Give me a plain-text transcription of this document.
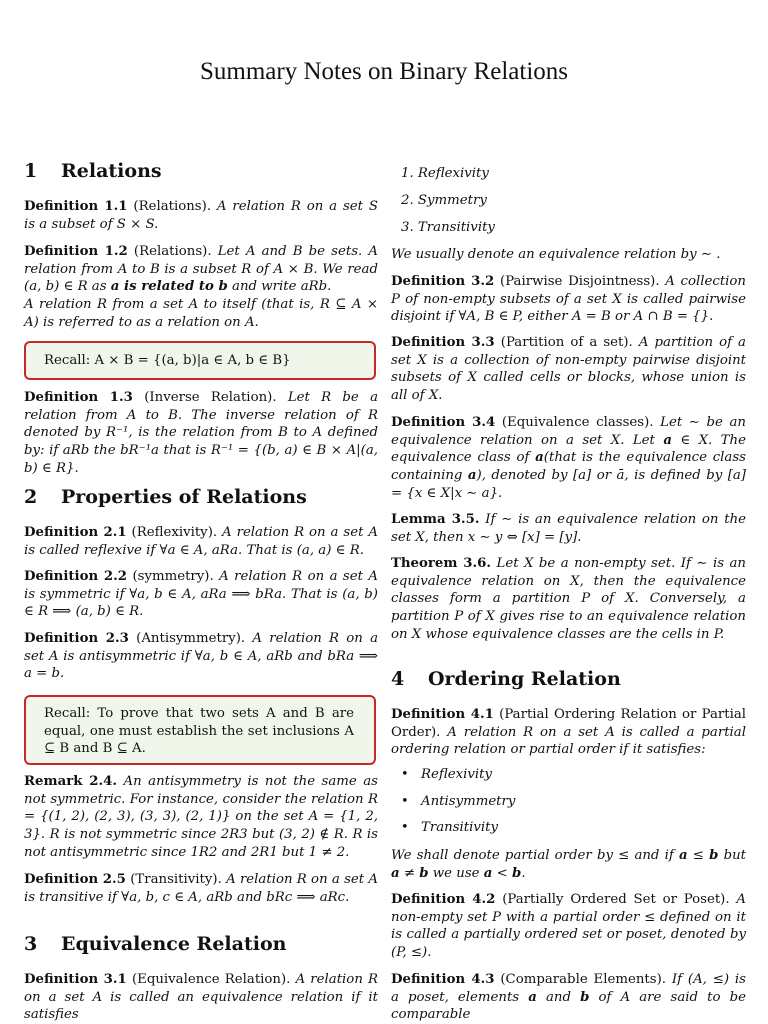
Summary Notes on Binary Relations
1 Relations
Definition 1.1 (Relations). A relation R on a set S is a subset of S × S.
Definition 1.2 (Relations). Let A and B be sets. A relation from A to B is a subset R of A × B. We read (a, b) ∈ R as a is related to b and write aRb.
A relation R from a set A to itself (that is, R ⊆ A × A) is referred to as a relation on A.
Recall: A × B = {(a, b)|a ∈ A, b ∈ B}
Definition 1.3 (Inverse Relation). Let R be a relation from A to B. The inverse relation of R denoted by R⁻¹, is the relation from B to A defined by: if aRb the bR⁻¹a that is R⁻¹ = {(b, a) ∈ B × A|(a, b) ∈ R}.
2 Properties of Relations
Definition 2.1 (Reflexivity). A relation R on a set A is called reflexive if ∀a ∈ A, aRa. That is (a, a) ∈ R.
Definition 2.2 (symmetry). A relation R on a set A is symmetric if ∀a, b ∈ A, aRa ⟹ bRa. That is (a, b) ∈ R ⟹ (a, b) ∈ R.
Definition 2.3 (Antisymmetry). A relation R on a set A is antisymmetric if ∀a, b ∈ A, aRb and bRa ⟹ a = b.
Recall: To prove that two sets A and B are equal, one must establish the set inclusions A ⊆ B and B ⊆ A.
Remark 2.4. An antisymmetry is not the same as not symmetric. For instance, consider the relation R = {(1, 2), (2, 3), (3, 3), (2, 1)} on the set A = {1, 2, 3}. R is not symmetric since 2R3 but (3, 2) ∉ R. R is not antisymmetric since 1R2 and 2R1 but 1 ≠ 2.
Definition 2.5 (Transitivity). A relation R on a set A is transitive if ∀a, b, c ∈ A, aRb and bRc ⟹ aRc.
3 Equivalence Relation
Definition 3.1 (Equivalence Relation). A relation R on a set A is called an equivalence relation if it satisfies
1. Reflexivity
2. Symmetry
3. Transitivity
We usually denote an equivalence relation by ∼ .
Definition 3.2 (Pairwise Disjointness). A collection P of non-empty subsets of a set X is called pairwise disjoint if ∀A, B ∈ P, either A = B or A ∩ B = {}.
Definition 3.3 (Partition of a set). A partition of a set X is a collection of non-empty pairwise disjoint subsets of X called cells or blocks, whose union is all of X.
Definition 3.4 (Equivalence classes). Let ∼ be an equivalence relation on a set X. Let a ∈ X. The equivalence class of a(that is the equivalence class containing a), denoted by [a] or ā, is defined by [a] = {x ∈ X|x ∼ a}.
Lemma 3.5. If ∼ is an equivalence relation on the set X, then x ∼ y ⇔ [x] = [y].
Theorem 3.6. Let X be a non-empty set. If ∼ is an equivalence relation on X, then the equivalence classes form a partition P of X. Conversely, a partition P of X gives rise to an equivalence relation on X whose equivalence classes are the cells in P.
4 Ordering Relation
Definition 4.1 (Partial Ordering Relation or Partial Order). A relation R on a set A is called a partial ordering relation or partial order if it satisfies:
• Reflexivity
• Antisymmetry
• Transitivity
We shall denote partial order by ≤ and if a ≤ b but a ≠ b we use a < b.
Definition 4.2 (Partially Ordered Set or Poset). A non-empty set P with a partial order ≤ defined on it is called a partially ordered set or poset, denoted by (P, ≤).
Definition 4.3 (Comparable Elements). If (A, ≤) is a poset, elements a and b of A are said to be comparable
